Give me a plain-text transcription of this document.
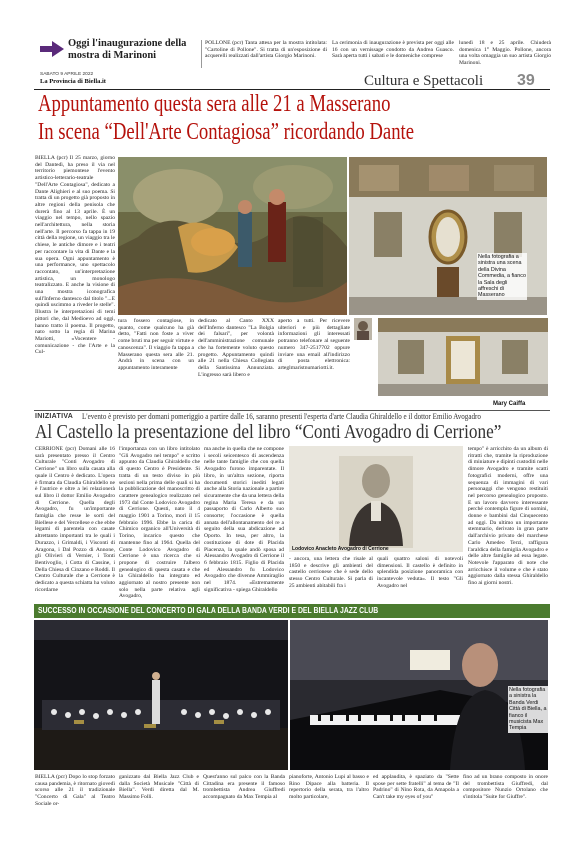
Oggi l'inaugurazione della mostra di Marinoni
POLLONE (pcr) Tanta attesa per la mostra intitolata: "Cartoline di Pollone". Si tratta di un'esposizione di acquerelli realizzati dall'artista Giorgio Marinoni.
La cerimonia di inaugurazione è prevista per oggi alle 16 con un vernissage condotto da Andrea Guasco. Sarà aperta tutti i sabati e le domeniche comprese
lunedì 18 e 25 aprile. Chiuderà domenica 1° Maggio. Pollone, ancora una volta omaggia un suo artista Giorgio Marinoni.
SABATO 9 APRILE 2022
La Provincia di Biella.it	Cultura e Spettacoli 39
Appuntamento questa sera alle 21 a Masserano
In scena “Dell'Arte Contagiosa” ricordando Dante
BIELLA (pcr) Il 25 marzo, giorno del Dantedì, ha preso il via nel territorio piemontese l'evento artistico-letterario-teatrale "Dell'Arte Contagiosa", dedicato a Dante Alighieri e al suo poema. Si tratta di un progetto già proposto in altre regioni della penisola che durerà fino al 13 aprile. È un viaggio nel tempo, nello spazio nell'architettura, nella storia nell'arte. Il percorso fa tappa in 19 città della regione, un viaggio tra le chiese, le antiche dimore e i teatri per raccontare la vita di Dante e la sua opera. Ogni appuntamento è una performance, uno spettacolo raccontato, un'interpretazione artistica, un monologo teatralizzato. E anche la visione di una mostra iconografica sull'Inferno dantesco dal titolo "...E quindi uscimmo a riveder le stelle". Illustra le interpretazioni di temi pittori che, dal Medioevo ad oggi, hanno tratto il poema. Il progetto, nato sotto la regia di Marina Mariotti, «Vocentere - comunicazione - che l'Arte e la Cul-
tura fossero contagiose, in quanto, come qualcuno ha già detto, "Fatti non foste a viver come bruti ma per seguir virtute e canoscenza". Il viaggio fa tappa a Masserano questa sera alle 21. Andrà in scena con un appuntamento interamente
dedicato al Canto XXX dell'Inferno dantesco "La Bolgia dei falsari", per volontà dell'amministrazione comunale che ha fortemente voluto questo progetto. Appuntamento quindi alle 21 nella Chiesa Collegiata della Santissima Annunziata. L'ingresso sarà libero e
aperto a tutti. Per ricevere ulteriori e più dettagliate informazioni gli interessati potranno telefonare al seguente numero 347-2517702 oppure inviare una email all'indirizzo di posta elettronica: arteglmaristnumariotti.it.
Nella fotografia a sinistra una scena della Divina Commedia, a fianco la Sala degli affreschi di Masserano
Mary Caiffa
INIZIATIVA L'evento è previsto per domani pomeriggio a partire dalle 16, saranno presenti l'esperta d'arte Claudia Ghiraldello e il dottor Emilio Avogadro
Al Castello la presentazione del libro “Conti Avogadro di Cerrione”
CERRIONE (pcr) Domani alle 16 sarà presentato presso il Centro Culturale "Conti Avogadro di Cerrione" un libro sulla casata alla quale il Centro è dedicato. L'opera è firmata da Claudia Ghiraldello ne è l'autrice e oltre a lei relazionerà sul libro il dottor Emilio Avogadro di Cerrione. Quella degli Avogadro, fu un'importante famiglia che resse le sorti del Biellese e del Vercellese e che ebbe legami di parentela con casate altrettanto importanti tra le quali i Durazzo, i Grimaldi, i Visconti di Aragona, i Dal Pozzo di Annone, gli Olivieri di Vernier, i Tonti Bentivoglio, i Cotta di Cassine, i Della Chiesa di Cinzano e Roddi. Il Centro Culturale che a Cerrione è dedicato a questa schiatta ha voluto ricordarne
l'importanza con un libro intitolato "Gli Avogadro nel tempo" e scritto appunto da Claudia Ghiraldello che di questo Centro è Presidente. Si tratta di un testo diviso in più sezioni nella prima delle quali si ha la pubblicazione del manoscritto di carattere genealogico realizzato nel 1973 dal Conte Lodovico Avogadro di Cerrione. Questi, nato il 4 maggio 1901 a Torino, morì il 15 febbraio 1996. Ebbe la carica di Chimico organico all'Università di Torino, incarico questo che mantenne fino al 1964. Quella del Conte Lodovico Avogadro di Cerrione è una ricerca che si propone di costruire l'albero genealogico di questa casata e che la Ghiraldello ha integrato ed aggiornato al nostro presente non solo nella parte relativa agli Avogadro,
ma anche in quella che ne compone i secoli seicentesco di ascendenza nelle tante famiglie che con quella Avogadro furono imparentate. Il libro, in un'altra sezione, riporta documenti storici inediti legati anche alla Storia nazionale a partire sicuramente che da una lettera della regina Maria Teresa e da un passaporto di Carlo Alberto suo consorte; l'occasione è quella annata dell'allontanamento del re a seguito della sua abdicazione ad Oporto. In tesa, per altro, la costituzione di dote di Placida Piacenza, la quale andò sposa ad Alessandro Avogadro di Cerrione il 6 febbraio 1815. Figlio di Placida ed Alessandro fu Lodovico Avogadro che divenne Ammiraglio nel 1874. «Estremamente significativa - spiega Ghiraldello
Lodovico Anacleto Avogadro di Cerrione
- ancora, una lettera che risale al 1850 e descrive gli ambienti del castello cerrionese che è sede dello stesso Centro Culturale. Si parla di 25 ambienti abitabili fra i
quali quattro saloni di notevoli dimensioni. Il castello è definito in splendida posizione panoramica con incantevole veduta». Il testo "Gli Avogadro nel
tempo" è arricchito da un album di ritratti che, tramite la riproduzione di miniature e dipinti custoditi nelle dimore Avogadro e tramite scatti fotografici moderni, offre una sequenza di immagini di vari personaggi che vengono restituiti nel percorso genealogico proposto. E un lavoro davvero interessante perché contempla figure di uomini, donne e bambini dal Cinquecento ad oggi. Da ultimo un importante stemmario, derivato in gran parte dall'archivio privato del marchese Carlo Amedeo Terzi, raffigura l'araldica della famiglia Avogadro e delle altre famiglie ad essa legate. Notevole l'apparato di note che arricchisce il volume e che è stato aggiornato dalla stessa Ghiraldello fino ai giorni nostri.
SUCCESSO IN OCCASIONE DEL CONCERTO DI GALA DELLA BANDA VERDI E DEL BIELLA JAZZ CLUB
Nella fotografia a sinistra la Banda Verdi Città di Biella, a fianco il musicista Max Tempia
BIELLA (pcr) Dopo lo stop forzato causa pandemia, è ritornato giovedì scorso alle 21 il tradizionale "Concerto di Gala" al Teatro Sociale or-
ganizzato dal Biella Jazz Club e dalla Società Musicale "Città di Biella". Verdi diretta dal M. Massimo Folli.
Quest'anno sul palco con la Banda Cittadina era presente il famoso trombettista Andrea Giuffredi accompagnato da Max Tempia al
pianoforte, Antonio Lupi al basso e Rino Dipace alla batteria. Il repertorio della serata, tra l'altro molto particolare,
ed applaudita, è spaziato da "Sette spose per sette fratelli" al tema de "Il Padrino" di Nino Rota, da Amapola a Can't take my eyes of you"
fino ad un brano composto in onore del trombettista Giuffredi, dal compositore Nunzio Ortolano che s'intitola "Suite for Giuffre".
